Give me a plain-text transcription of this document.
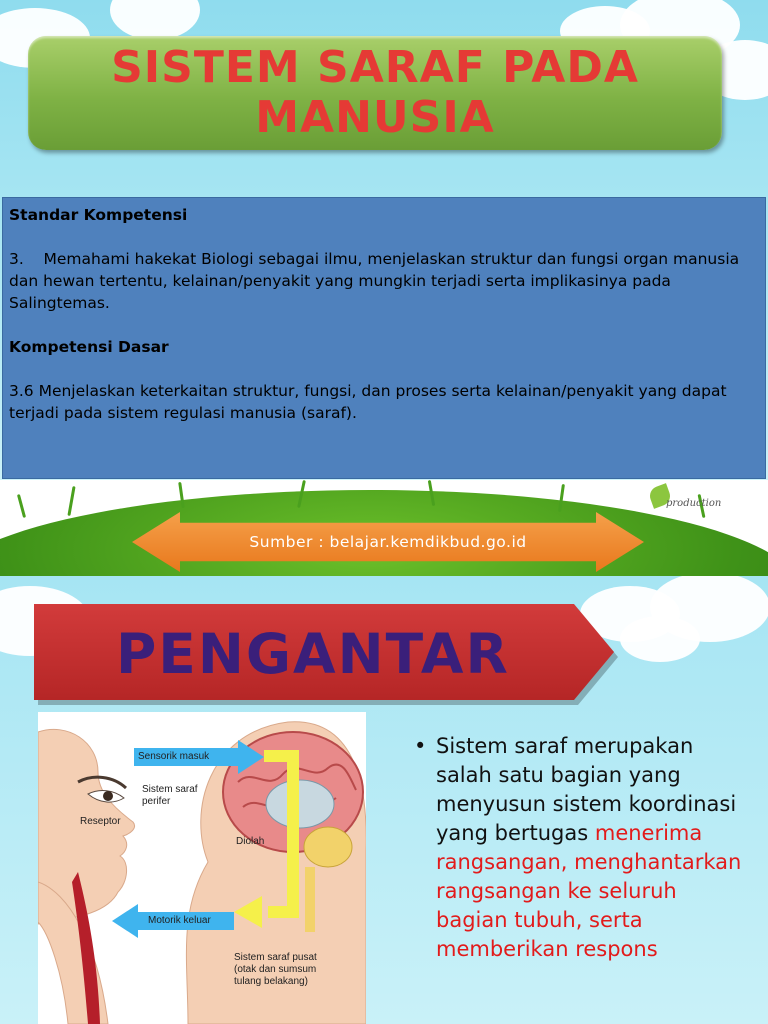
SISTEM SARAF PADA
MANUSIA

Standar Kompetensi

3.    Memahami hakekat Biologi sebagai ilmu, menjelaskan struktur dan fungsi organ manusia dan hewan tertentu, kelainan/penyakit yang mungkin terjadi serta implikasinya pada Salingtemas.

Kompetensi Dasar

3.6 Menjelaskan keterkaitan struktur, fungsi, dan proses serta kelainan/penyakit yang dapat terjadi pada sistem regulasi manusia (saraf).

production
Sumber : belajar.kemdikbud.go.id
PENGANTAR
Sensorik masuk
Sistem saraf
perifer
Reseptor
Diolah
Motorik keluar
Sistem saraf pusat
(otak dan sumsum
tulang belakang)
• Sistem saraf merupakan salah satu bagian yang menyusun sistem koordinasi yang bertugas menerima rangsangan, menghantarkan rangsangan ke seluruh bagian tubuh, serta memberikan respons
